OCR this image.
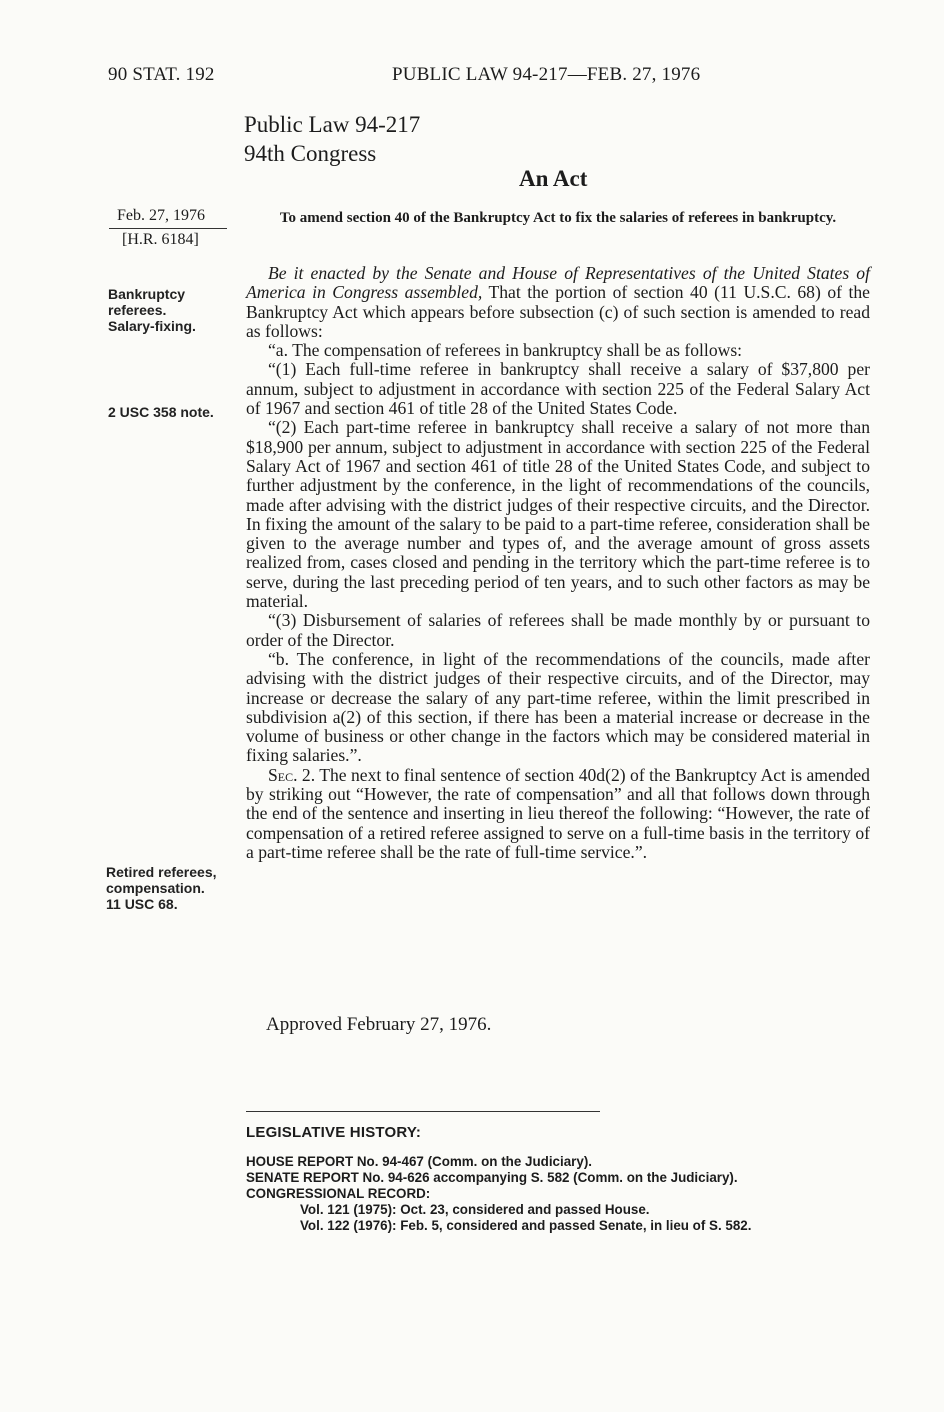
90 STAT. 192	PUBLIC LAW 94-217—FEB. 27, 1976
Public Law 94-217
94th Congress
An Act
Feb. 27, 1976
[H.R. 6184]
Bankruptcy
referees.
Salary-fixing.
2 USC 358 note.
Retired referees,
compensation.
11 USC 68.
To amend section 40 of the Bankruptcy Act to fix the salaries of referees in bankruptcy.

Be it enacted by the Senate and House of Representatives of the United States of America in Congress assembled, That the portion of section 40 (11 U.S.C. 68) of the Bankruptcy Act which appears before subsection (c) of such section is amended to read as follows:

“a. The compensation of referees in bankruptcy shall be as follows:

“(1) Each full-time referee in bankruptcy shall receive a salary of $37,800 per annum, subject to adjustment in accordance with section 225 of the Federal Salary Act of 1967 and section 461 of title 28 of the United States Code.

“(2) Each part-time referee in bankruptcy shall receive a salary of not more than $18,900 per annum, subject to adjustment in accordance with section 225 of the Federal Salary Act of 1967 and section 461 of title 28 of the United States Code, and subject to further adjustment by the conference, in the light of recommendations of the councils, made after advising with the district judges of their respective circuits, and the Director. In fixing the amount of the salary to be paid to a part-time referee, consideration shall be given to the average number and types of, and the average amount of gross assets realized from, cases closed and pending in the territory which the part-time referee is to serve, during the last preceding period of ten years, and to such other factors as may be material.

“(3) Disbursement of salaries of referees shall be made monthly by or pursuant to order of the Director.

“b. The conference, in light of the recommendations of the councils, made after advising with the district judges of their respective circuits, and of the Director, may increase or decrease the salary of any part-time referee, within the limit prescribed in subdivision a(2) of this section, if there has been a material increase or decrease in the volume of business or other change in the factors which may be considered material in fixing salaries.”.

Sec. 2. The next to final sentence of section 40d(2) of the Bankruptcy Act is amended by striking out “However, the rate of compensation” and all that follows down through the end of the sentence and inserting in lieu thereof the following: “However, the rate of compensation of a retired referee assigned to serve on a full-time basis in the territory of a part-time referee shall be the rate of full-time service.”.

Approved February 27, 1976.
LEGISLATIVE HISTORY:
HOUSE REPORT No. 94-467 (Comm. on the Judiciary).
SENATE REPORT No. 94-626 accompanying S. 582 (Comm. on the Judiciary).
CONGRESSIONAL RECORD:
Vol. 121 (1975): Oct. 23, considered and passed House.
Vol. 122 (1976): Feb. 5, considered and passed Senate, in lieu of S. 582.
